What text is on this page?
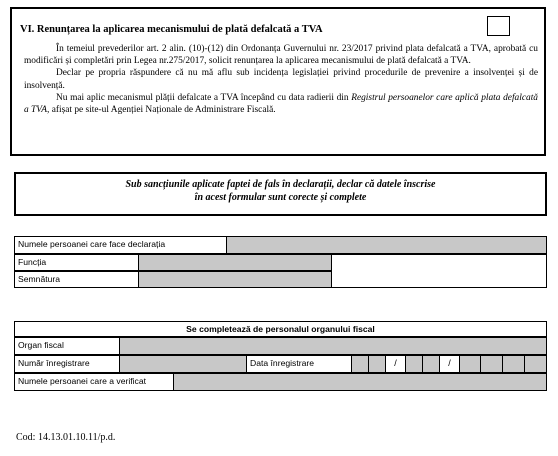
VI. Renunțarea la aplicarea mecanismului de plată defalcată a TVA

În temeiul prevederilor art. 2 alin. (10)-(12) din Ordonanța Guvernului nr. 23/2017 privind plata defalcată a TVA, aprobată cu modificări și completări prin Legea nr.275/2017, solicit renunțarea la aplicarea mecanismului de plată defalcată a TVA.

Declar pe propria răspundere că nu mă aflu sub incidența legislației privind procedurile de prevenire a insolvenței și de insolvență.

Nu mai aplic mecanismul plății defalcate a TVA începând cu data radierii din Registrul persoanelor care aplică plata defalcată a TVA, afișat pe site-ul Agenției Naționale de Administrare Fiscală.

Sub sancțiunile aplicate faptei de fals în declarații, declar că datele înscrise
în acest formular sunt corecte și complete
Numele persoanei care face declarația
Funcția
Semnătura
Se completează de personalul organului fiscal
Organ fiscal
Număr înregistrare	Data înregistrare	/	/
Numele persoanei care a verificat
Cod: 14.13.01.10.11/p.d.
